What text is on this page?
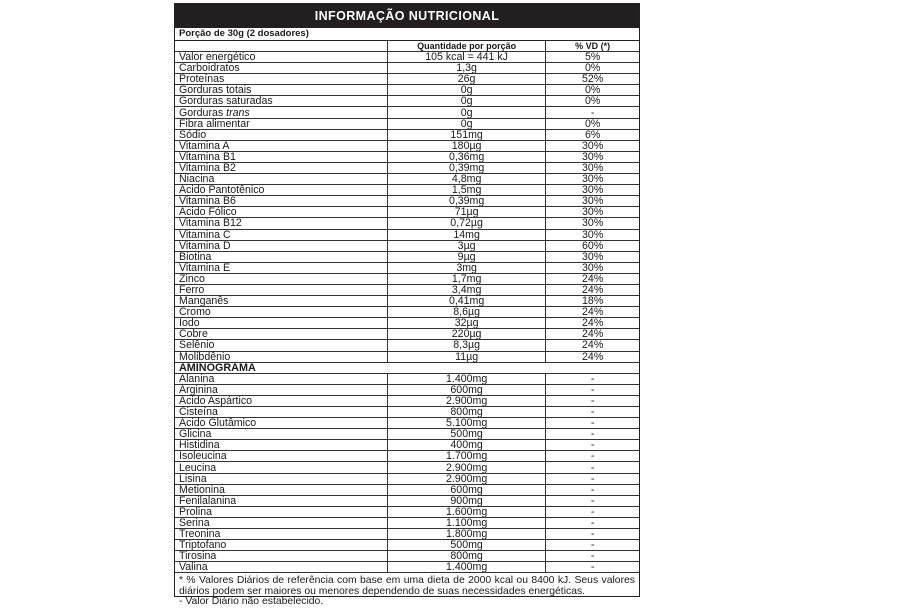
INFORMAÇÃO NUTRICIONAL
Porção de 30g (2 dosadores)
	Quantidade por porção	% VD (*)
Valor energético	105 kcal = 441 kJ	5%
Carboidratos	1,3g	0%
Proteínas	26g	52%
Gorduras totais	0g	0%
Gorduras saturadas	0g	0%
Gorduras trans	0g	-
Fibra alimentar	0g	0%
Sódio	151mg	6%
Vitamina A	180µg	30%
Vitamina B1	0,36mg	30%
Vitamina B2	0,39mg	30%
Niacina	4,8mg	30%
Ácido Pantotênico	1,5mg	30%
Vitamina B6	0,39mg	30%
Ácido Fólico	71µg	30%
Vitamina B12	0,72µg	30%
Vitamina C	14mg	30%
Vitamina D	3µg	60%
Biotina	9µg	30%
Vitamina E	3mg	30%
Zinco	1,7mg	24%
Ferro	3,4mg	24%
Manganês	0,41mg	18%
Cromo	8,6µg	24%
Iodo	32µg	24%
Cobre	220µg	24%
Selênio	8,3µg	24%
Molibdênio	11µg	24%
AMINOGRAMA		
Alanina	1.400mg	-
Arginina	600mg	-
Ácido Aspártico	2.900mg	-
Cisteína	800mg	-
Ácido Glutâmico	5.100mg	-
Glicina	500mg	-
Histidina	400mg	-
Isoleucina	1.700mg	-
Leucina	2.900mg	-
Lisina	2.900mg	-
Metionina	600mg	-
Fenilalanina	900mg	-
Prolina	1.600mg	-
Serina	1.100mg	-
Treonina	1.800mg	-
Triptofano	500mg	-
Tirosina	800mg	-
Valina	1.400mg	-

* % Valores Diários de referência com base em uma dieta de 2000 kcal ou 8400 kJ. Seus valores diários podem ser maiores ou menores dependendo de suas necessidades energéticas.

- Valor Diário não estabelecido.
